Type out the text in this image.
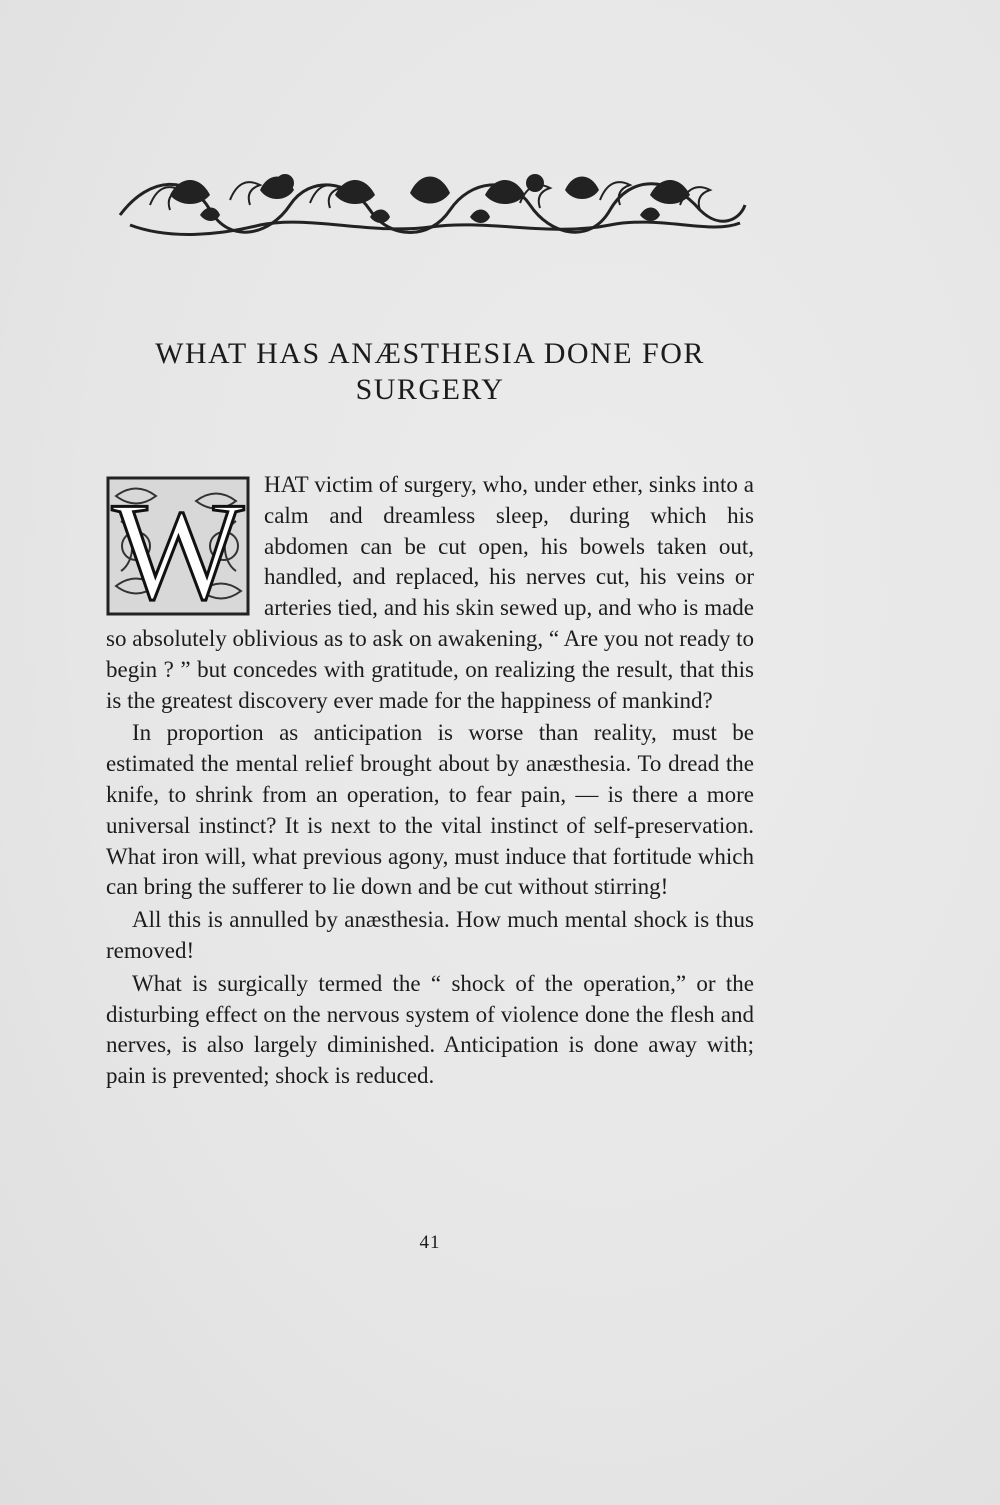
WHAT HAS ANÆSTHESIA DONE FOR
SURGERY
W HAT victim of surgery, who, under ether, sinks into a calm and dreamless sleep, during which his abdomen can be cut open, his bowels taken out, handled, and replaced, his nerves cut, his veins or arteries tied, and his skin sewed up, and who is made so absolutely oblivious as to ask on awakening, “ Are you not ready to begin ? ” but concedes with gratitude, on realizing the result, that this is the greatest discovery ever made for the happiness of mankind?

In proportion as anticipation is worse than reality, must be estimated the mental relief brought about by anæsthesia. To dread the knife, to shrink from an operation, to fear pain, — is there a more universal instinct? It is next to the vital instinct of self-preservation. What iron will, what previous agony, must induce that fortitude which can bring the sufferer to lie down and be cut without stirring!

All this is annulled by anæsthesia. How much mental shock is thus removed!

What is surgically termed the “ shock of the operation,” or the disturbing effect on the nervous system of violence done the flesh and nerves, is also largely diminished. Anticipation is done away with; pain is prevented; shock is reduced.

41
